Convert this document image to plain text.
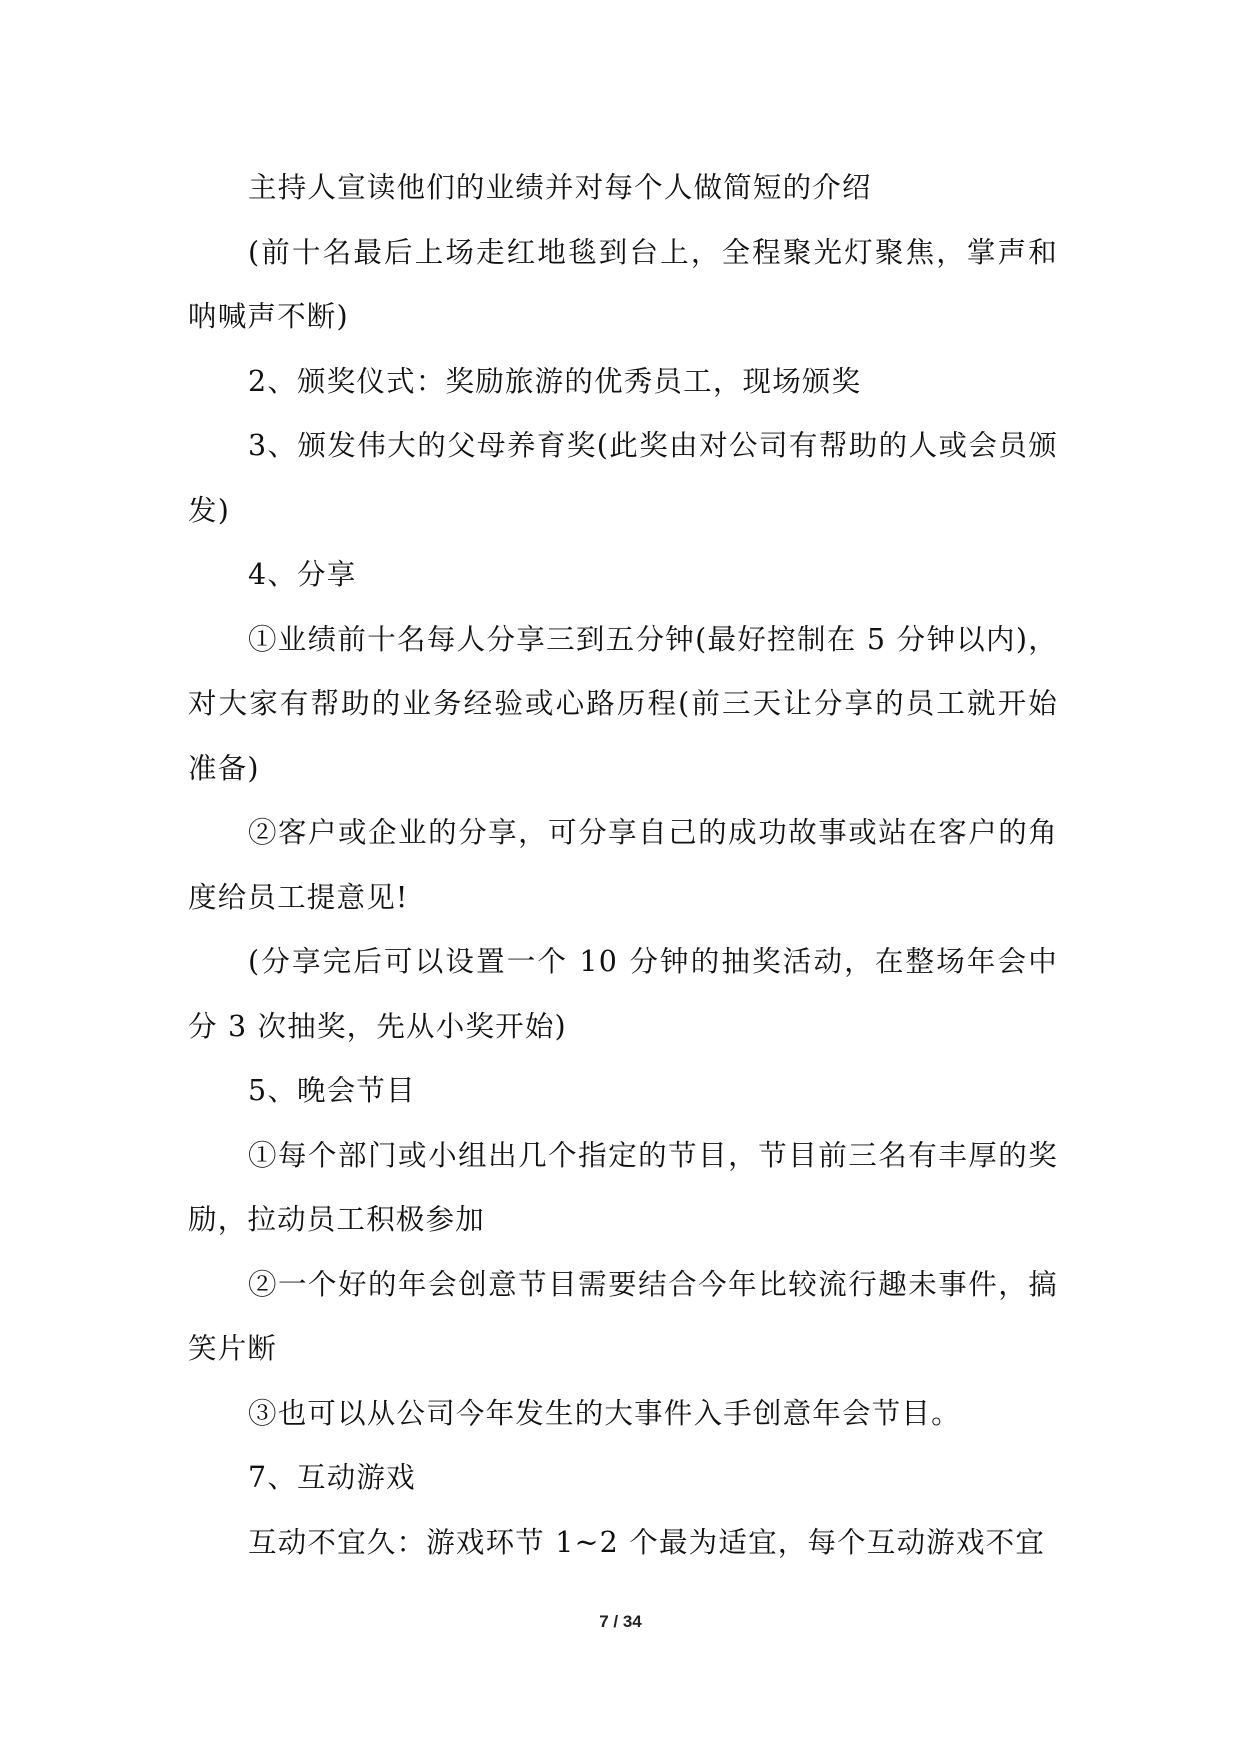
主持人宣读他们的业绩并对每个人做简短的介绍

(前十名最后上场走红地毯到台上，全程聚光灯聚焦，掌声和呐喊声不断)

2、颁奖仪式：奖励旅游的优秀员工，现场颁奖

3、颁发伟大的父母养育奖(此奖由对公司有帮助的人或会员颁发)

4、分享

①业绩前十名每人分享三到五分钟(最好控制在 5 分钟以内)，对大家有帮助的业务经验或心路历程(前三天让分享的员工就开始准备)

②客户或企业的分享，可分享自己的成功故事或站在客户的角度给员工提意见!

(分享完后可以设置一个 10 分钟的抽奖活动，在整场年会中分 3 次抽奖，先从小奖开始)

5、晚会节目

①每个部门或小组出几个指定的节目，节目前三名有丰厚的奖励，拉动员工积极参加

②一个好的年会创意节目需要结合今年比较流行趣未事件，搞笑片断

③也可以从公司今年发生的大事件入手创意年会节目。

7、互动游戏

互动不宜久：游戏环节 1~2 个最为适宜，每个互动游戏不宜

7 / 34
